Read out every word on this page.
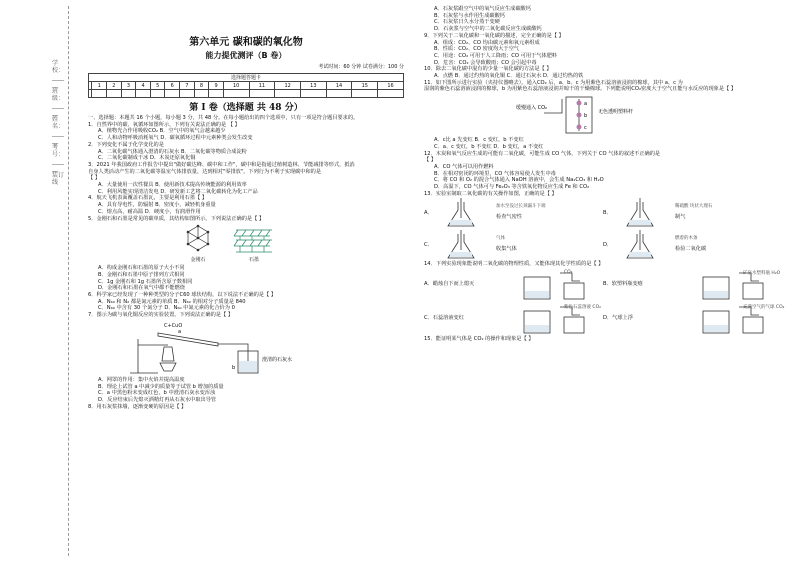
学校：______ 班级：______ 姓名：______ 考号：______ 装订线
第六单元 碳和碳的氧化物
能力提优测评（B 卷）
考试时间：60 分钟 试卷满分：100 分
选择题答题卡																
	1	2	3	4	5	6	7	8	9	10	11	12	13	14	15	16

第 I 卷（选择题 共 48 分）
一、选择题：本题共 16 个小题，每小题 3 分，共 48 分。在每小题给出的四个选项中，只有一项是符合题目要求的。
1．自然界中的碳、氧循环如图所示，下列有关说法正确的是 【 】
A．植物光合作用吸收CO₂ B．空气中的氧气会越来越少
C．人和动物呼吸消耗氧气 D．碳氧循环过程中元素种类会发生改变
2．下列变化不属于化学变化的是
A．二氧化碳气体通入澄清的石灰水 B．二氧化碳等物质合成淀粉
C．二氧化碳制成干冰 D．木炭还原氧化铜
3．2021 年我国政府工作报告中提出"做好碳达峰、碳中和工作"，碳中和是指通过植树造林、节能减排等形式，抵消
自身人类活动产生的二氧化碳等温室气体排放量，达到相对"零排放"。下列行为不利于实现碳中和的是
【 】
A．大量使用一次性餐具 B．使用新技术提高传统能源的利用效率
C．利用风能实现清洁发电 D．研发新工艺将二氧化碳转化为化工产品
4．航天飞机表面覆盖石墨瓦，主要是利用石墨【 】
A．具有导电性，防辐射 B．密度小，减轻机身重量
C．熔点高，耐高温 D．硬度小，有润滑作用
5．金刚石和石墨是常见的碳单质，其结构如图所示。下列说法正确的是【 】
金刚石	石墨
A．构成金刚石和石墨的原子大小不同
B．金刚石和石墨中原子排列方式相同
C．1g 金刚石和 1g 石墨所含原子数相同
D．金刚石和石墨在氧气中都不能燃烧
6．科学家已经发现了一种种类型的分子C60 球状结构，以下说法不正确的是【 】
A．N₆₀ 和 N₂ 都是氮元素的单质 B．N₆₀ 的相对分子质量是 840
C．N₆₀ 中含有 30 个氮分子 D．N₆₀ 中氮元素的化合价为 0
7．图示为碳与氧化铜反应的实验装置。下列说法正确的是【 】
C+CuO
a
b
澄清的石灰水
A．网罩的作用：集中火焰并提高温度
B．理论上试管 a 中减少的质量等于试管 b 增加的质量
C．a 中黑色粉末变成红色，b 中澄清石灰水变浑浊
D．反应结束后先熄灭酒精灯再从石灰水中取出导管
8．用石灰浆抹墙，逐渐变硬的原因是【 】
A．石灰浆跟空气中的氧气反应生成碳酸钙
B．石灰浆与水作用生成碳酸钙
C．石灰浆日久水分蒸干变硬
D．石灰浆与空气中的二氧化碳反应生成碳酸钙
9．下列关于二氧化碳和一氧化碳的描述，完全正确的是【 】
A．组成：CO₂、CO 均由碳元素和氧元素组成
B．性质：CO₂、CO 密度均大于空气
C．用途：CO₂ 可用于人工降雨；CO 可用于气体肥料
D．危害：CO₂ 会导致酸雨；CO 会引起中毒
10．除去二氧化碳中混有的少量一氧化碳的方法是【 】
A．点燃 B．通过灼热的氧化铜 C．通过石灰水 D．通过灼热的铁
11．如下图所示进行实验（夹持仪器略去）。通入CO₂ 后，a、b、c 为用紫色石蕊溶液浸润的棉球，其中 a、c 为
湿润的紫色石蕊溶液浸润的棉球，b 为用紫色石蕊溶液浸润并晾干的干燥棉球。下列能说明CO₂密度大于空气且能与水反应的现象是【 】
缓慢通入 CO₂
a
b
c
无色透明塑料杆
A．c比 a 先变红 B．c 变红，b 不变红
C．a、c 变红，b 不变红 D．b 变红，a 不变红
12．木炭和氧气反应生成的可能有二氧化碳，可能生成 CO 气体，下列关于 CO 气体的叙述不正确的是
【 】
A．CO 气体可以用作燃料
B．在相对密闭的环境里，CO 气体容易使人发生中毒
C．将 CO 和 O₂ 的混合气体通入 NaOH 溶液中，会生成 Na₂CO₃ 和 H₂O
D．高温下，CO 气体可与 Fe₂O₃ 等含铁氧化物反应生成 Fe 和 CO₂
13．实验室制取二氧化碳的有关操作如图，正确的是【 】
A．
加水至没过长颈漏斗下端
检查气密性
B．
稀硫酸 块状大理石
制气
C．
气体
收集气体
D．
燃着的木条
检验二氧化碳
14．下列实验现象能说明二氧化碳的物理性质，又能体现其化学性质的是【 】
A．蜡烛自下而上熄灭
CO₂
B．软塑料瓶变瘪
矿泉水塑料瓶 H₂O
C．石蕊溶液变红
紫色石蕊溶液 CO₂
D．气球上浮
充满空气的气球 CO₂
15．能证明某气体是 CO₂ 的操作和现象是【 】
